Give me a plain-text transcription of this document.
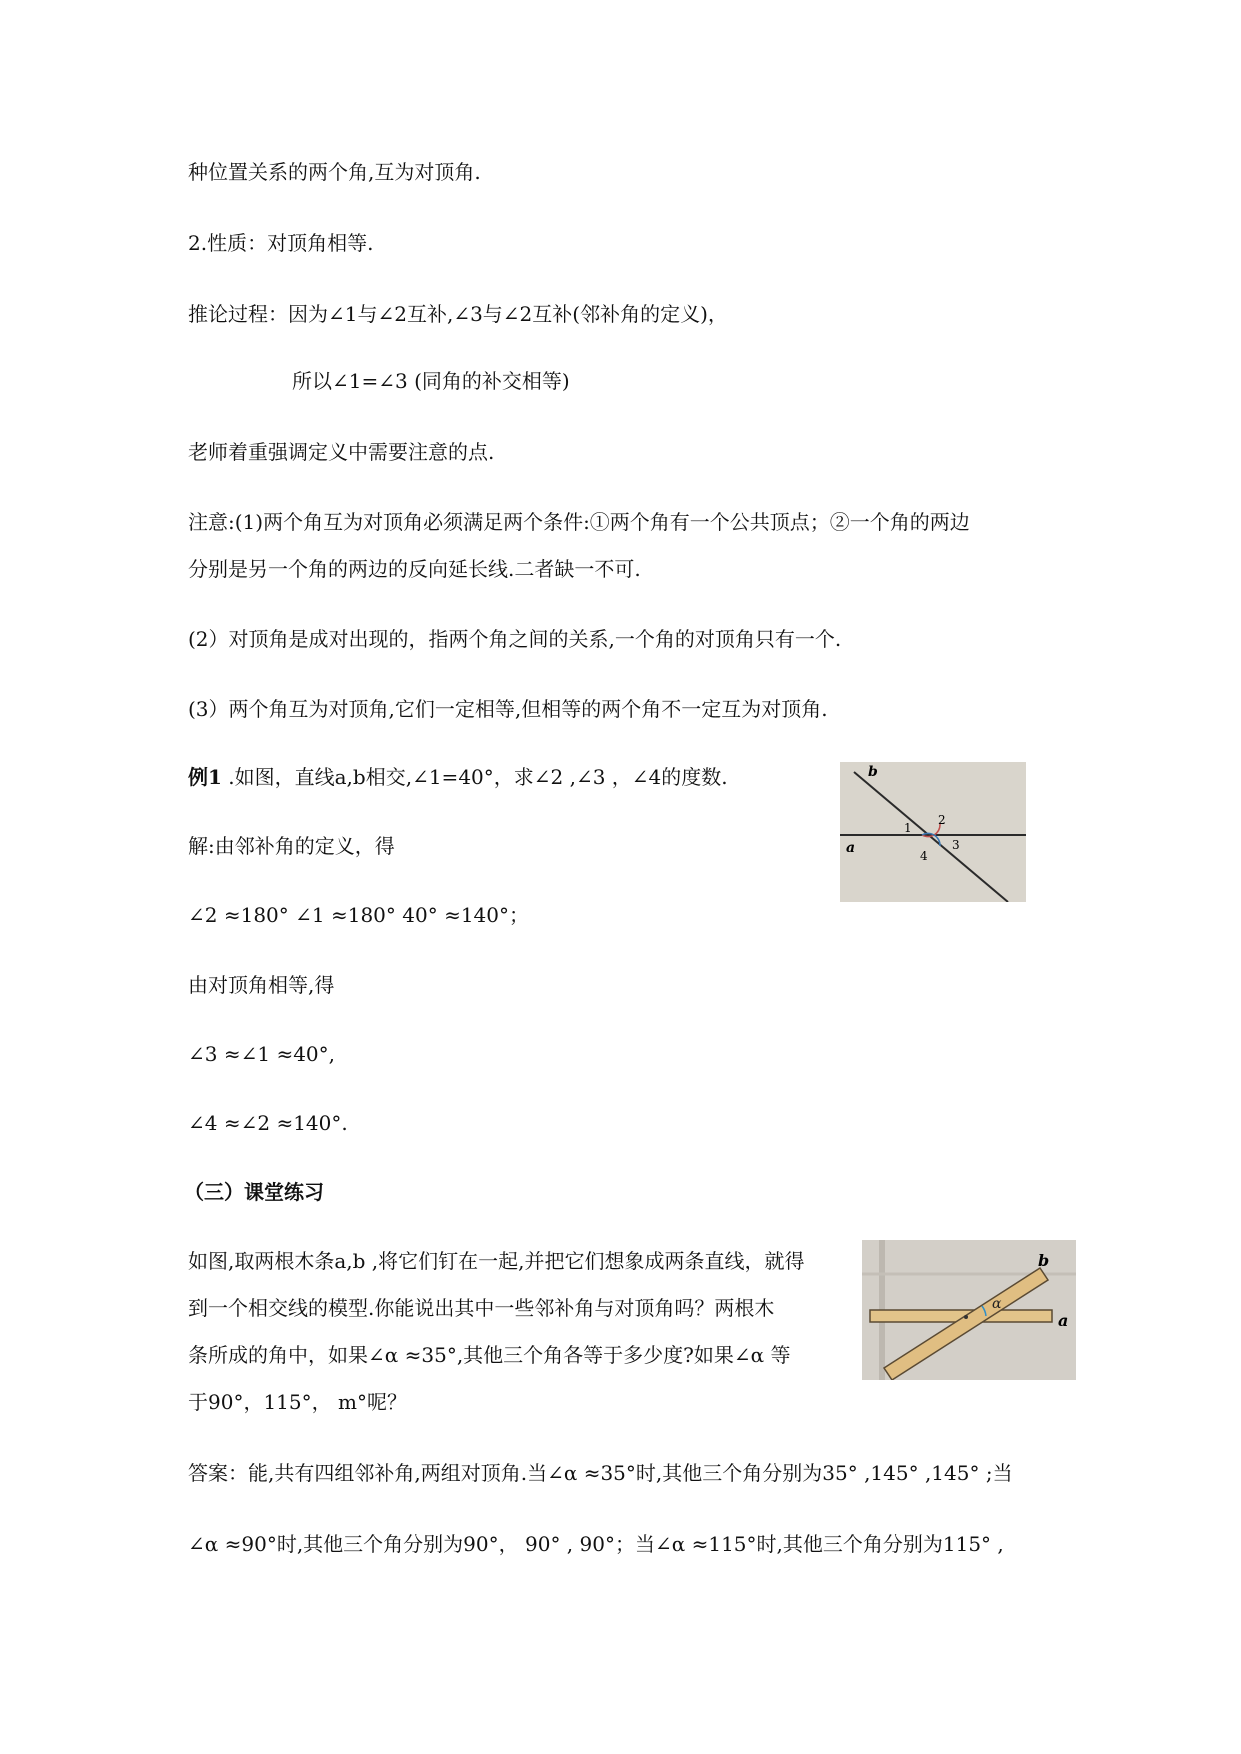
种位置关系的两个角,互为对顶角.
2.性质：对顶角相等.
推论过程：因为∠1与∠2互补,∠3与∠2互补(邻补角的定义)，
所以∠1=∠3 (同角的补交相等)
老师着重强调定义中需要注意的点.
注意:(1)两个角互为对顶角必须满足两个条件:①两个角有一个公共顶点；②一个角的两边
分别是另一个角的两边的反向延长线.二者缺一不可.
(2）对顶角是成对出现的，指两个角之间的关系,一个角的对顶角只有一个.
(3）两个角互为对顶角,它们一定相等,但相等的两个角不一定互为对顶角.
例1 .如图，直线a,b相交,∠1=40°，求∠2 ,∠3 ，∠4的度数.
解:由邻补角的定义，得
∠2 ≈180° ∠1 ≈180° 40° ≈140°；
由对顶角相等,得
∠3 ≈∠1 ≈40°,
∠4 ≈∠2 ≈140°.
（三）课堂练习
如图,取两根木条a,b ,将它们钉在一起,并把它们想象成两条直线，就得
到一个相交线的模型.你能说出其中一些邻补角与对顶角吗？两根木
条所成的角中，如果∠α ≈35°,其他三个角各等于多少度?如果∠α 等
于90°，115°， m°呢？
答案：能,共有四组邻补角,两组对顶角.当∠α ≈35°时,其他三个角分别为35° ,145° ,145° ;当
∠α ≈90°时,其他三个角分别为90°， 90° , 90°；当∠α ≈115°时,其他三个角分别为115° ,
b
a
1
2
3
4
b
a
α
